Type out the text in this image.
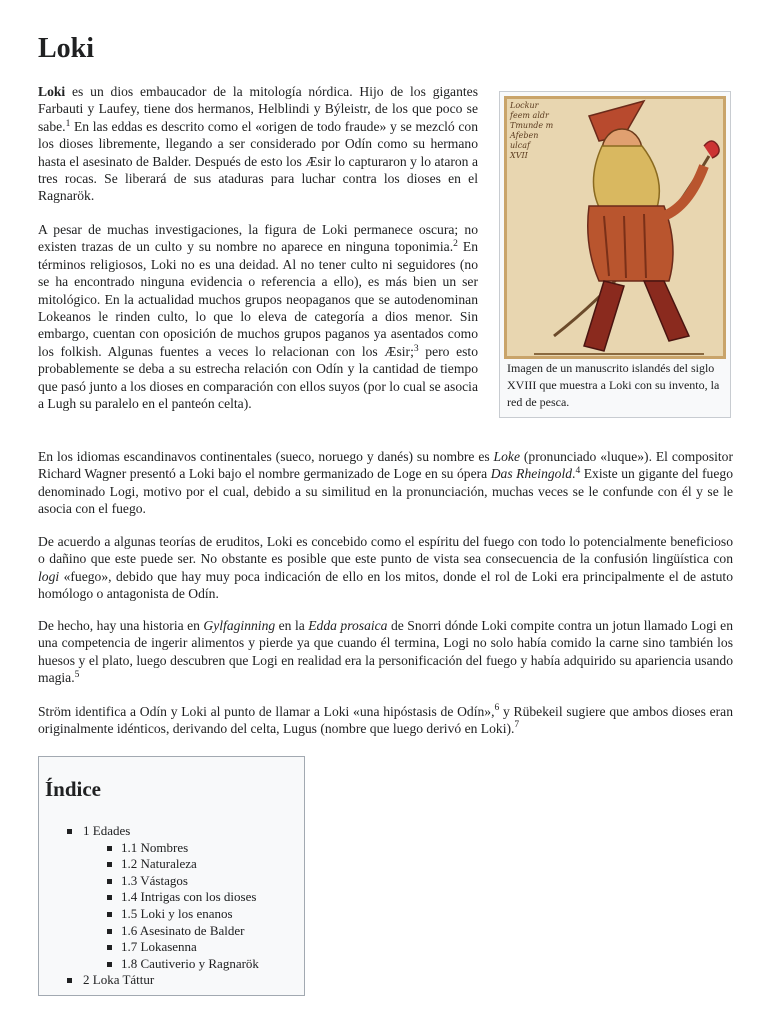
Loki

Loki es un dios embaucador de la mitología nórdica. Hijo de los gigantes Farbauti y Laufey, tiene dos hermanos, Helblindi y Býleistr, de los que poco se sabe.$^1$ En las eddas es descrito como el «origen de todo fraude» y se mezcló con los dioses libremente, llegando a ser considerado por Odín como su hermano hasta el asesinato de Balder. Después de esto los Æsir lo capturaron y lo ataron a tres rocas. Se liberará de sus ataduras para luchar contra los dioses en el Ragnarök.

A pesar de muchas investigaciones, la figura de Loki permanece oscura; no existen trazas de un culto y su nombre no aparece en ninguna toponimia.$^2$ En términos religiosos, Loki no es una deidad. Al no tener culto ni seguidores (no se ha encontrado ninguna evidencia o referencia a ello), es más bien un ser mitológico. En la actualidad muchos grupos neopaganos que se autodenominan Lokeanos le rinden culto, lo que lo eleva de categoría a dios menor. Sin embargo, cuentan con oposición de muchos grupos paganos ya asentados como los folkish. Algunas fuentes a veces lo relacionan con los Æsir;$^3$ pero esto probablemente se deba a su estrecha relación con Odín y la cantidad de tiempo que pasó junto a los dioses en comparación con ellos suyos (por lo cual se asocia a Lugh su paralelo en el panteón celta).

Lockur
feem aldr
Tmunde m
Afeben
ulcaf
XVII
Imagen de un manuscrito islandés del siglo XVIII que muestra a Loki con su invento, la red de pesca.

En los idiomas escandinavos continentales (sueco, noruego y danés) su nombre es Loke (pronunciado «luque»). El compositor Richard Wagner presentó a Loki bajo el nombre germanizado de Loge en su ópera Das Rheingold.$^4$ Existe un gigante del fuego denominado Logi, motivo por el cual, debido a su similitud en la pronunciación, muchas veces se le confunde con él y se le asocia con el fuego.

De acuerdo a algunas teorías de eruditos, Loki es concebido como el espíritu del fuego con todo lo potencialmente beneficioso o dañino que este puede ser. No obstante es posible que este punto de vista sea consecuencia de la confusión lingüística con logi «fuego», debido que hay muy poca indicación de ello en los mitos, donde el rol de Loki era principalmente el de astuto homólogo o antagonista de Odín.

De hecho, hay una historia en Gylfaginning en la Edda prosaica de Snorri dónde Loki compite contra un jotun llamado Logi en una competencia de ingerir alimentos y pierde ya que cuando él termina, Logi no solo había comido la carne sino también los huesos y el plato, luego descubren que Logi en realidad era la personificación del fuego y había adquirido su apariencia usando magia.$^5$

Ström identifica a Odín y Loki al punto de llamar a Loki «una hipóstasis de Odín»,$^6$ y Rübekeil sugiere que ambos dioses eran originalmente idénticos, derivando del celta, Lugus (nombre que luego derivó en Loki).$^7$

Índice
1 Edades
1.1 Nombres
1.2 Naturaleza
1.3 Vástagos
1.4 Intrigas con los dioses
1.5 Loki y los enanos
1.6 Asesinato de Balder
1.7 Lokasenna
1.8 Cautiverio y Ragnarök
2 Loka Táttur
